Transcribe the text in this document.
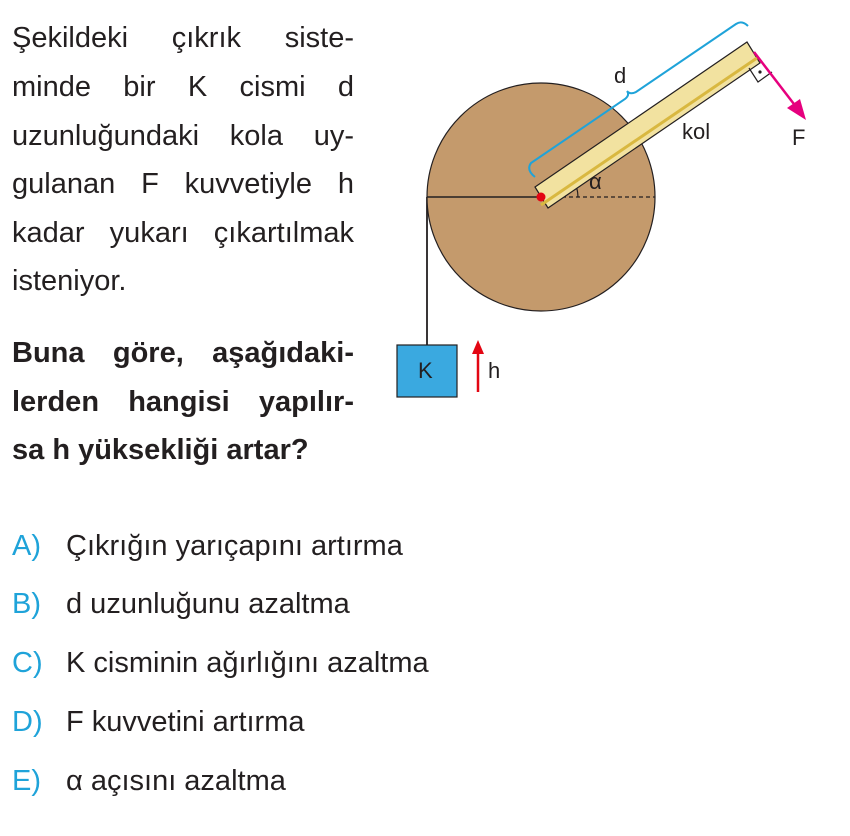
Şekildeki çıkrık siste-
minde bir K cismi d
uzunluğundaki kola uy-
gulanan F kuvvetiyle h
kadar yukarı çıkartılmak
isteniyor.
Buna göre, aşağıdaki-
lerden hangisi yapılır-
sa h yüksekliği artar?
d
kol	F
α
K	h
A) Çıkrığın yarıçapını artırma
B) d uzunluğunu azaltma
C) K cisminin ağırlığını azaltma
D) F kuvvetini artırma
E) α açısını azaltma
